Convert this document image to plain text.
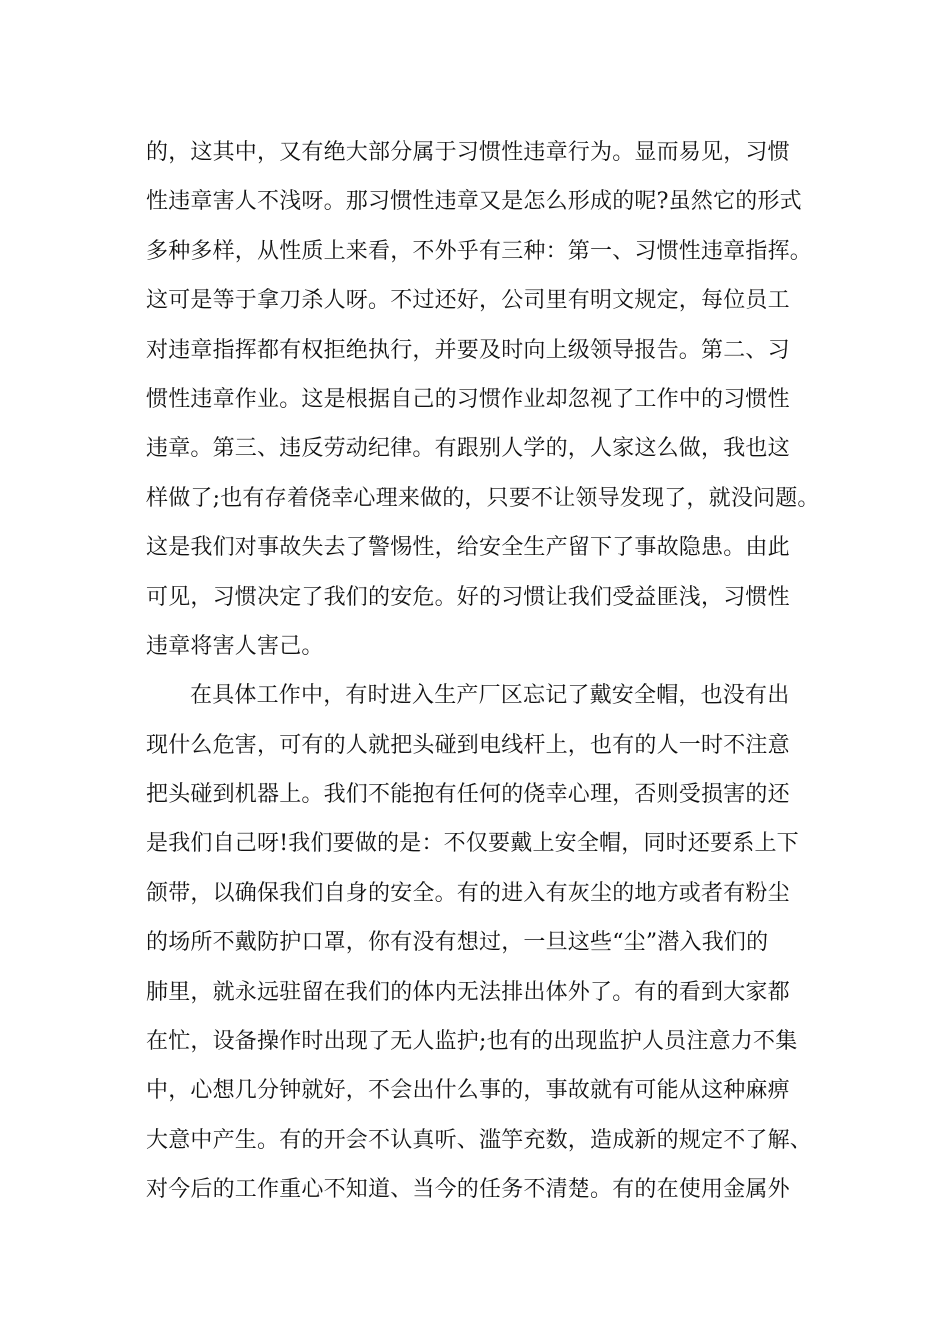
的，这其中，又有绝大部分属于习惯性违章行为。显而易见，习惯
性违章害人不浅呀。那习惯性违章又是怎么形成的呢?虽然它的形式
多种多样，从性质上来看，不外乎有三种：第一、习惯性违章指挥。
这可是等于拿刀杀人呀。不过还好，公司里有明文规定，每位员工
对违章指挥都有权拒绝执行，并要及时向上级领导报告。第二、习
惯性违章作业。这是根据自己的习惯作业却忽视了工作中的习惯性
违章。第三、违反劳动纪律。有跟别人学的，人家这么做，我也这
样做了;也有存着侥幸心理来做的，只要不让领导发现了，就没问题。
这是我们对事故失去了警惕性，给安全生产留下了事故隐患。由此
可见，习惯决定了我们的安危。好的习惯让我们受益匪浅，习惯性
违章将害人害己。
在具体工作中，有时进入生产厂区忘记了戴安全帽，也没有出
现什么危害，可有的人就把头碰到电线杆上，也有的人一时不注意
把头碰到机器上。我们不能抱有任何的侥幸心理，否则受损害的还
是我们自己呀!我们要做的是：不仅要戴上安全帽，同时还要系上下
颌带，以确保我们自身的安全。有的进入有灰尘的地方或者有粉尘
的场所不戴防护口罩，你有没有想过，一旦这些“尘”潜入我们的
肺里，就永远驻留在我们的体内无法排出体外了。有的看到大家都
在忙，设备操作时出现了无人监护;也有的出现监护人员注意力不集
中，心想几分钟就好，不会出什么事的，事故就有可能从这种麻痹
大意中产生。有的开会不认真听、滥竽充数，造成新的规定不了解、
对今后的工作重心不知道、当今的任务不清楚。有的在使用金属外
